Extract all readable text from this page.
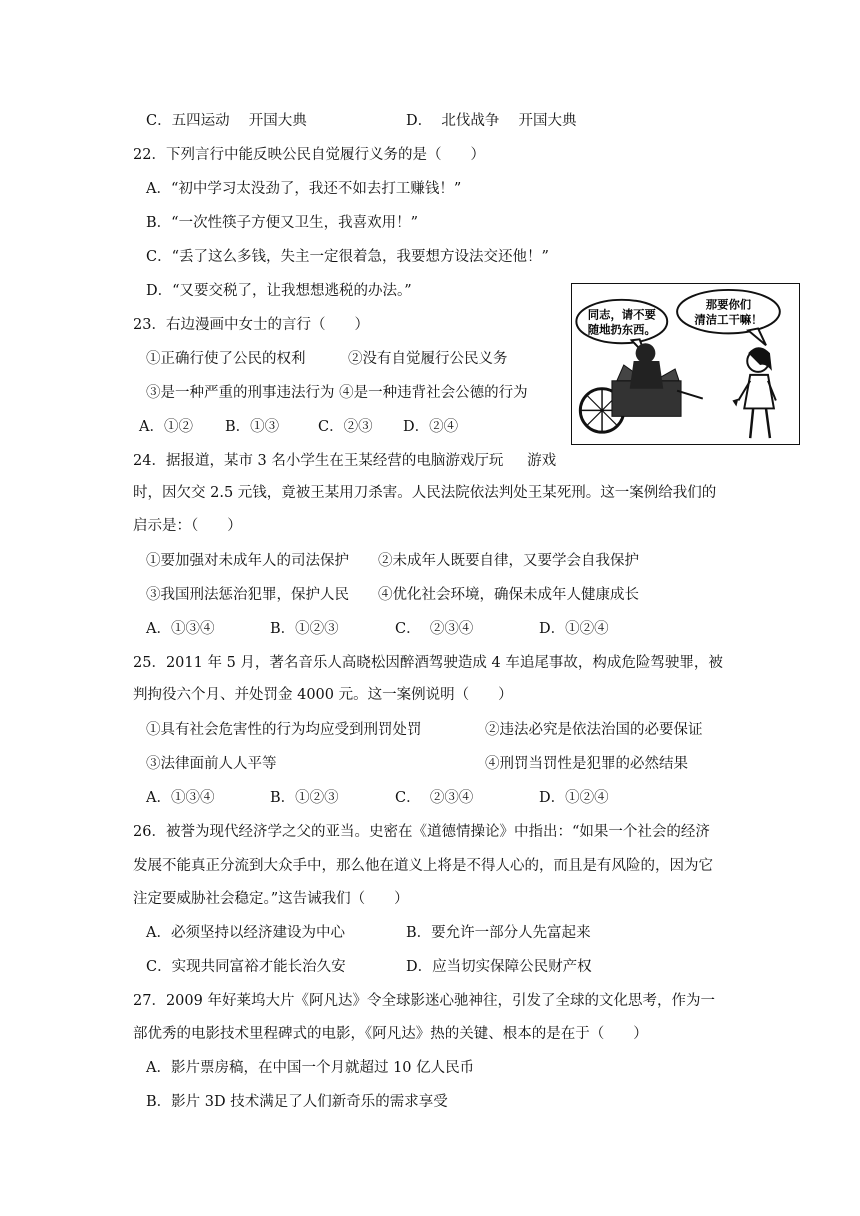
C．五四运动　 开国大典	D．  北伐战争　 开国大典
22．下列言行中能反映公民自觉履行义务的是（　　）
A．“初中学习太没劲了，我还不如去打工赚钱！”
B．“一次性筷子方便又卫生，我喜欢用！”
C．“丢了这么多钱，失主一定很着急，我要想方设法交还他！”
D．“又要交税了，让我想想逃税的办法。”
23．右边漫画中女士的言行（　　）
①正确行使了公民的权利	②没有自觉履行公民义务
③是一种严重的刑事违法行为 ④是一种违背社会公德的行为
A．①② B．①③	C．②③ D．②④
同志，请不要
随地扔东西。
那要你们
清洁工干嘛！
24．据报道，某市 3 名小学生在王某经营的电脑游戏厅玩　  游戏
时，因欠交 2.5 元钱，竟被王某用刀杀害。人民法院依法判处王某死刑。这一案例给我们的
启示是：（　　）
①要加强对未成年人的司法保护　　②未成年人既要自律，又要学会自我保护
③我国刑法惩治犯罪，保护人民　　④优化社会环境，确保未成年人健康成长
A．①③④	B．①②③	C．  ②③④	D．①②④
25．2011 年 5 月，著名音乐人高晓松因醉酒驾驶造成 4 车追尾事故，构成危险驾驶罪，被
判拘役六个月、并处罚金 4000 元。这一案例说明（　　）
①具有社会危害性的行为均应受到刑罚处罚	②违法必究是依法治国的必要保证
③法律面前人人平等	④刑罚当罚性是犯罪的必然结果
A．①③④	B．①②③	C．  ②③④	D．①②④
26．被誉为现代经济学之父的亚当。史密在《道德情操论》中指出：“如果一个社会的经济
发展不能真正分流到大众手中，那么他在道义上将是不得人心的，而且是有风险的，因为它
注定要威胁社会稳定。”这告诫我们（　　）
A．必须坚持以经济建设为中心	B．要允许一部分人先富起来
C．实现共同富裕才能长治久安	D．应当切实保障公民财产权
27．2009 年好莱坞大片《阿凡达》令全球影迷心驰神往，引发了全球的文化思考，作为一
部优秀的电影技术里程碑式的电影，《阿凡达》热的关键、根本的是在于（　　）
A．影片票房稿，在中国一个月就超过 10 亿人民币
B．影片 3D 技术满足了人们新奇乐的需求享受
